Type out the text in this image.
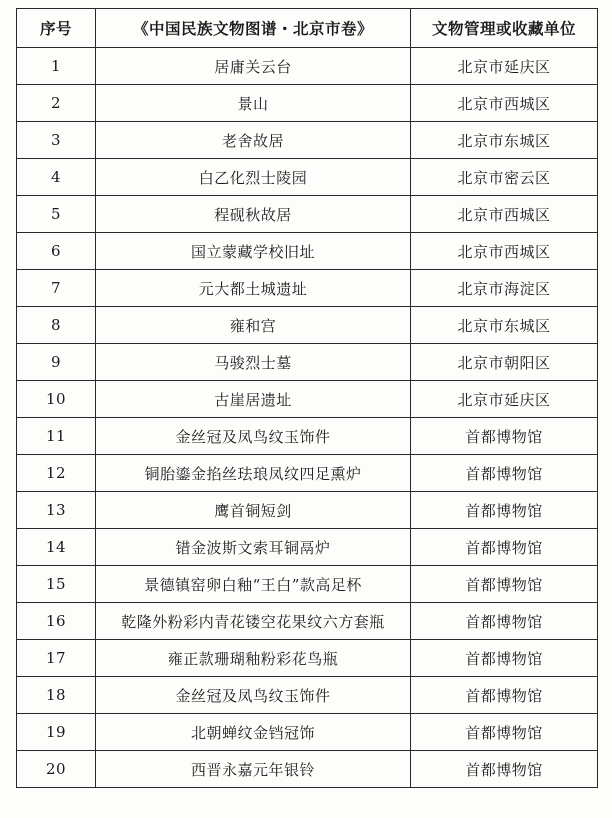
序号	《中国民族文物图谱・北京市卷》	文物管理或收藏单位
1	居庸关云台	北京市延庆区
2	景山	北京市西城区
3	老舍故居	北京市东城区
4	白乙化烈士陵园	北京市密云区
5	程砚秋故居	北京市西城区
6	国立蒙藏学校旧址	北京市西城区
7	元大都土城遗址	北京市海淀区
8	雍和宫	北京市东城区
9	马骏烈士墓	北京市朝阳区
10	古崖居遗址	北京市延庆区
11	金丝冠及凤鸟纹玉饰件	首都博物馆
12	铜胎鎏金掐丝珐琅凤纹四足熏炉	首都博物馆
13	鹰首铜短剑	首都博物馆
14	错金波斯文索耳铜鬲炉	首都博物馆
15	景德镇窑卵白釉“王白”款高足杯	首都博物馆
16	乾隆外粉彩内青花镂空花果纹六方套瓶	首都博物馆
17	雍正款珊瑚釉粉彩花鸟瓶	首都博物馆
18	金丝冠及凤鸟纹玉饰件	首都博物馆
19	北朝蝉纹金铛冠饰	首都博物馆
20	西晋永嘉元年银铃	首都博物馆
